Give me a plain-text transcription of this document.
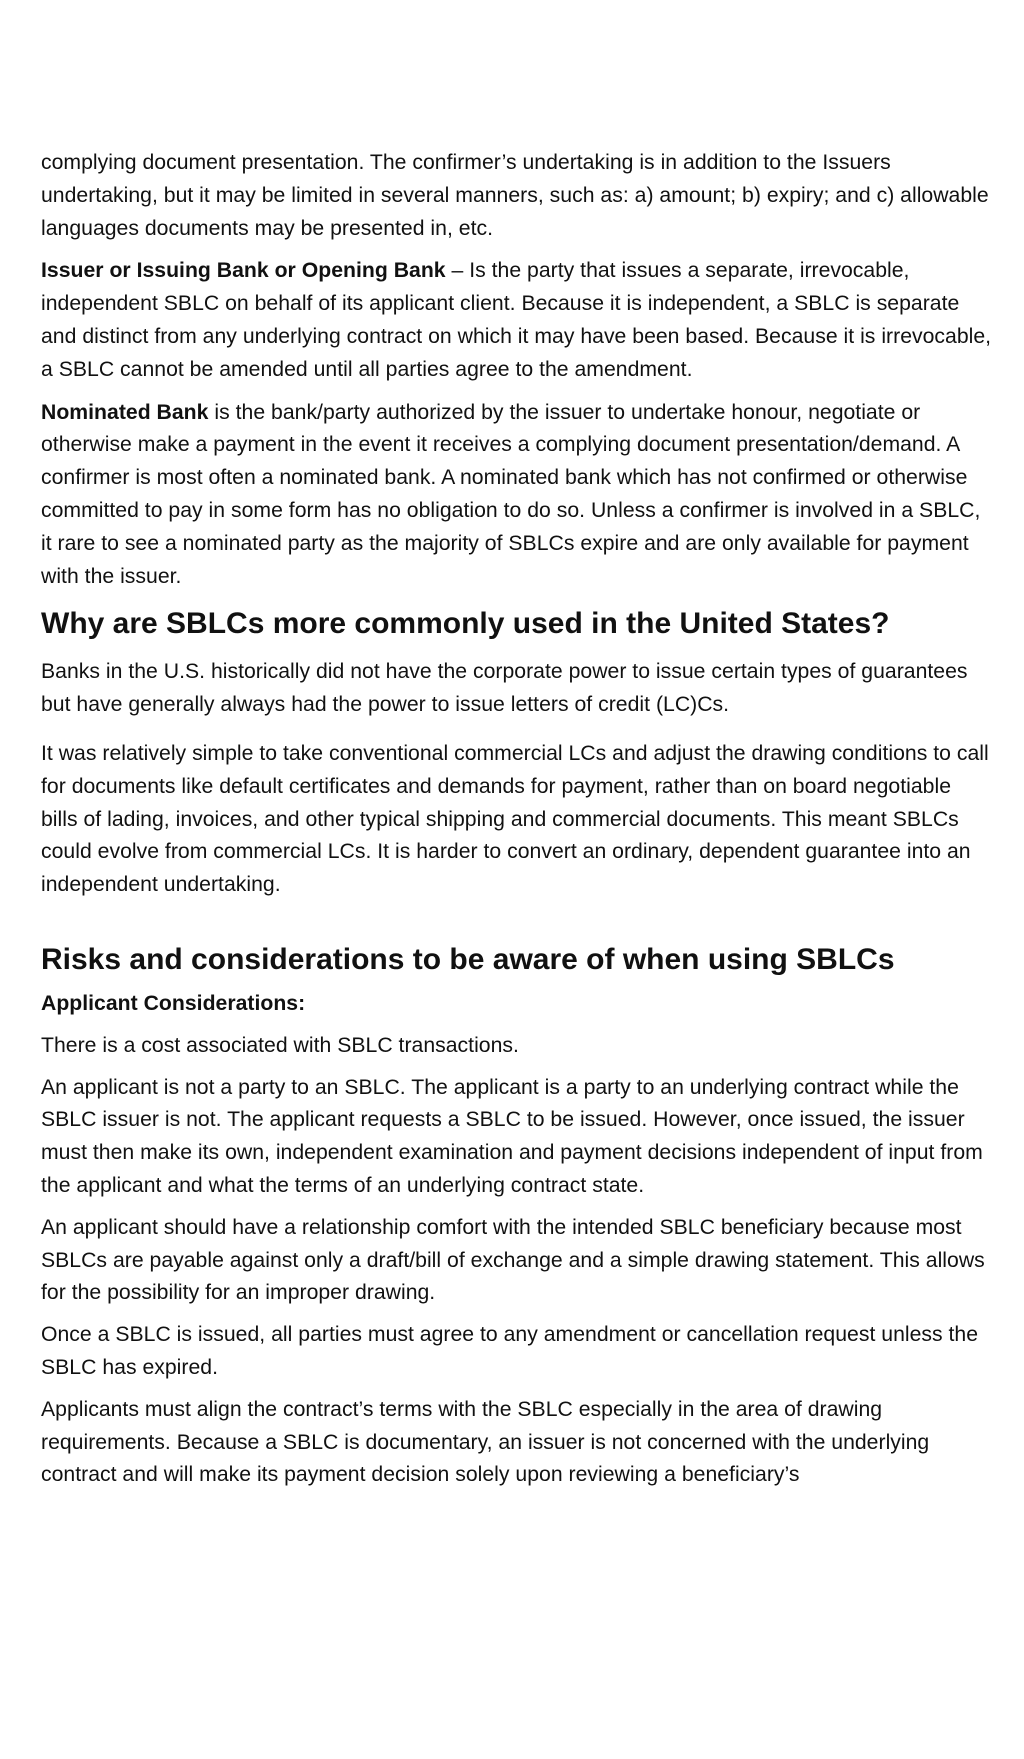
complying document presentation. The confirmer’s undertaking is in addition to the Issuers undertaking, but it may be limited in several manners, such as: a) amount; b) expiry; and c) allowable languages documents may be presented in, etc.

Issuer or Issuing Bank or Opening Bank – Is the party that issues a separate, irrevocable, independent SBLC on behalf of its applicant client. Because it is independent, a SBLC is separate and distinct from any underlying contract on which it may have been based. Because it is irrevocable, a SBLC cannot be amended until all parties agree to the amendment.

Nominated Bank is the bank/party authorized by the issuer to undertake honour, negotiate or otherwise make a payment in the event it receives a complying document presentation/demand. A confirmer is most often a nominated bank. A nominated bank which has not confirmed or otherwise committed to pay in some form has no obligation to do so. Unless a confirmer is involved in a SBLC, it rare to see a nominated party as the majority of SBLCs expire and are only available for payment with the issuer.

Why are SBLCs more commonly used in the United States?

Banks in the U.S. historically did not have the corporate power to issue certain types of guarantees but have generally always had the power to issue letters of credit (LC)Cs.

It was relatively simple to take conventional commercial LCs and adjust the drawing conditions to call for documents like default certificates and demands for payment, rather than on board negotiable bills of lading, invoices, and other typical shipping and commercial documents. This meant SBLCs could evolve from commercial LCs. It is harder to convert an ordinary, dependent guarantee into an independent undertaking.

Risks and considerations to be aware of when using SBLCs

Applicant Considerations:

There is a cost associated with SBLC transactions.

An applicant is not a party to an SBLC. The applicant is a party to an underlying contract while the SBLC issuer is not. The applicant requests a SBLC to be issued. However, once issued, the issuer must then make its own, independent examination and payment decisions independent of input from the applicant and what the terms of an underlying contract state.

An applicant should have a relationship comfort with the intended SBLC beneficiary because most SBLCs are payable against only a draft/bill of exchange and a simple drawing statement. This allows for the possibility for an improper drawing.

Once a SBLC is issued, all parties must agree to any amendment or cancellation request unless the SBLC has expired.

Applicants must align the contract’s terms with the SBLC especially in the area of drawing requirements. Because a SBLC is documentary, an issuer is not concerned with the underlying contract and will make its payment decision solely upon reviewing a beneficiary’s
